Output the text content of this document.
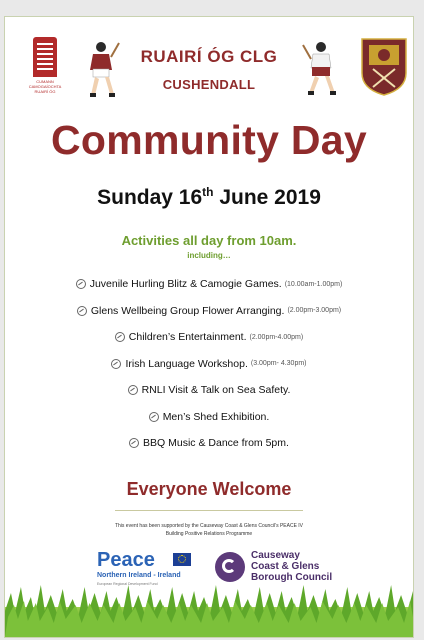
CUMANN
CAMOGAÍOCHTA
RUAIRÍ ÓG
RUAIRÍ ÓG CLG
CUSHENDALL
Community Day
Sunday 16th June 2019
Activities all day from 10am.
including…
Juvenile Hurling Blitz & Camogie Games. (10.00am-1.00pm)
Glens Wellbeing Group Flower Arranging. (2.00pm-3.00pm)
Children’s Entertainment. (2.00pm-4.00pm)
Irish Language Workshop. (3.00pm- 4.30pm)
RNLI Visit & Talk on Sea Safety.
Men’s Shed Exhibition.
BBQ Music & Dance from 5pm.
Everyone Welcome
This event has been supported by the Causeway Coast & Glens Council’s PEACE IV
Building Positive Relations Programme
Peace
Northern Ireland - Ireland
European Regional Development Fund
Causeway
Coast & Glens
Borough Council
